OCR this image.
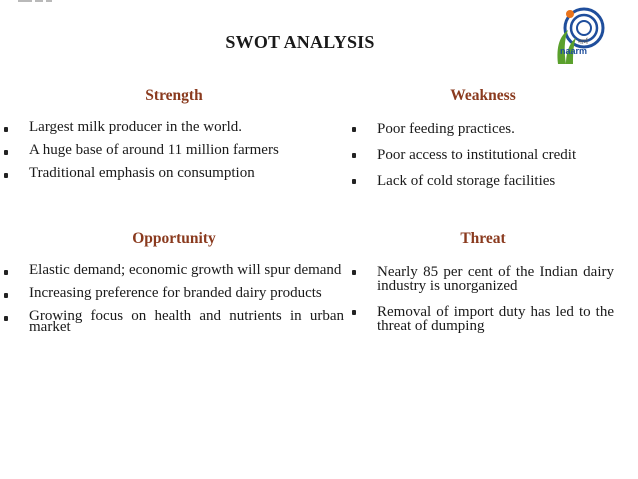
SWOT ANALYSIS	नार्म
naarm
Strength
Largest milk producer in the world.
A huge base of around 11 million farmers
Traditional emphasis on consumption
Weakness
Poor feeding practices.
Poor access to institutional credit
Lack of cold storage facilities
Opportunity
Elastic demand; economic growth will spur demand
Increasing preference for branded dairy products
Growing focus on health and nutrients in urban market
Threat
Nearly 85 per cent of the Indian dairy industry is unorganized
Removal of import duty has led to the threat of dumping
